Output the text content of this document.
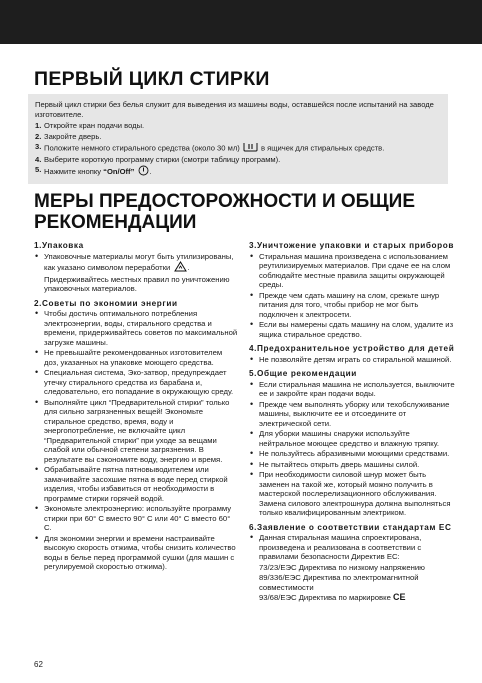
ПЕРВЫЙ ЦИКЛ СТИРКИ
Первый цикл стирки без белья служит для выведения из машины воды, оставшейся после испытаний на заводе изготовителе.
1. Откройте кран подачи воды.
2. Закройте дверь.
3. Положите немного стирального средства (около 30 мл)	в ящичек для стиральных средств.
4. Выберите короткую программу стирки (смотри таблицу программ).
5. Нажмите кнопку “On/Off” .
МЕРЫ ПРЕДОСТОРОЖНОСТИ И ОБЩИЕ РЕКОМЕНДАЦИИ
1.Упаковка
• Упаковочные материалы могут быть утилизированы, как указано символом переработки . Придерживайтесь местных правил по уничтожению упаковочных материалов.
2.Советы по экономии энергии
• Чтобы достичь оптимального потребления электроэнергии, воды, стирального средства и времени, придерживайтесь советов по максимальной загрузке машины.
• Не превышайте рекомендованных изготовителем доз, указанных на упаковке моющего средства.
• Специальная система, Эко-затвор, предупреждает утечку стирального средства из барабана и, следовательно, его попадание в окружающую среду.
• Выполняйте цикл “Предварительной стирки” только для сильно загрязненных вещей! Экономьте стиральное средство, время, воду и энергопотребление, не включайте цикл “Предварительной стирки” при уходе за вещами слабой или обычной степени загрязнения. В результате вы сэкономите воду, энергию и время.
• Обрабатывайте пятна пятновыводителем или замачивайте засохшие пятна в воде перед стиркой изделия, чтобы избавиться от необходимости в программе стирки горячей водой.
• Экономьте электроэнергию: используйте программу стирки при 60° С вместо 90° С или 40° С вместо 60° С.
• Для экономии энергии и времени настраивайте высокую скорость отжима, чтобы снизить количество воды в белье перед программой сушки (для машин с регулируемой скоростью отжима).
3.Уничтожение упаковки и старых приборов
• Стиральная машина произведена с использованием реутилизируемых материалов. При сдаче ее на слом соблюдайте местные правила защиты окружающей среды.
• Прежде чем сдать машину на слом, срежьте шнур питания для того, чтобы прибор не мог быть подключен к электросети.
• Если вы намерены сдать машину на слом, удалите из ящика стиральное средство.
4.Предохранительное устройство для детей
• Не позволяйте детям играть со стиральной машиной.
5.Общие рекомендации
• Если стиральная машина не используется, выключите ее и закройте кран подачи воды.
• Прежде чем выполнять уборку или техобслуживание машины, выключите ее и отсоедините от электрической сети.
• Для уборки машины снаружи используйте нейтральное моющее средство и влажную тряпку.
• Не пользуйтесь абразивными моющими средствами.
• Не пытайтесь открыть дверь машины силой.
• При необходимости силовой шнур может быть заменен на такой же, который можно получить в мастерской послерелизационного обслуживания. Замена силового электрошнура должна выполняться только квалифицированным электриком.
6.Заявление о соответствии стандартам ЕС
• Данная стиральная машина спроектирована, произведена и реализована в соответствии с правилами безопасности Директив ЕС:
73/23/ЕЭС Директива по низкому напряжению
89/336/ЕЭС Директива по электромагнитной совместимости
93/68/ЕЭС Директива по маркировке CE
62
